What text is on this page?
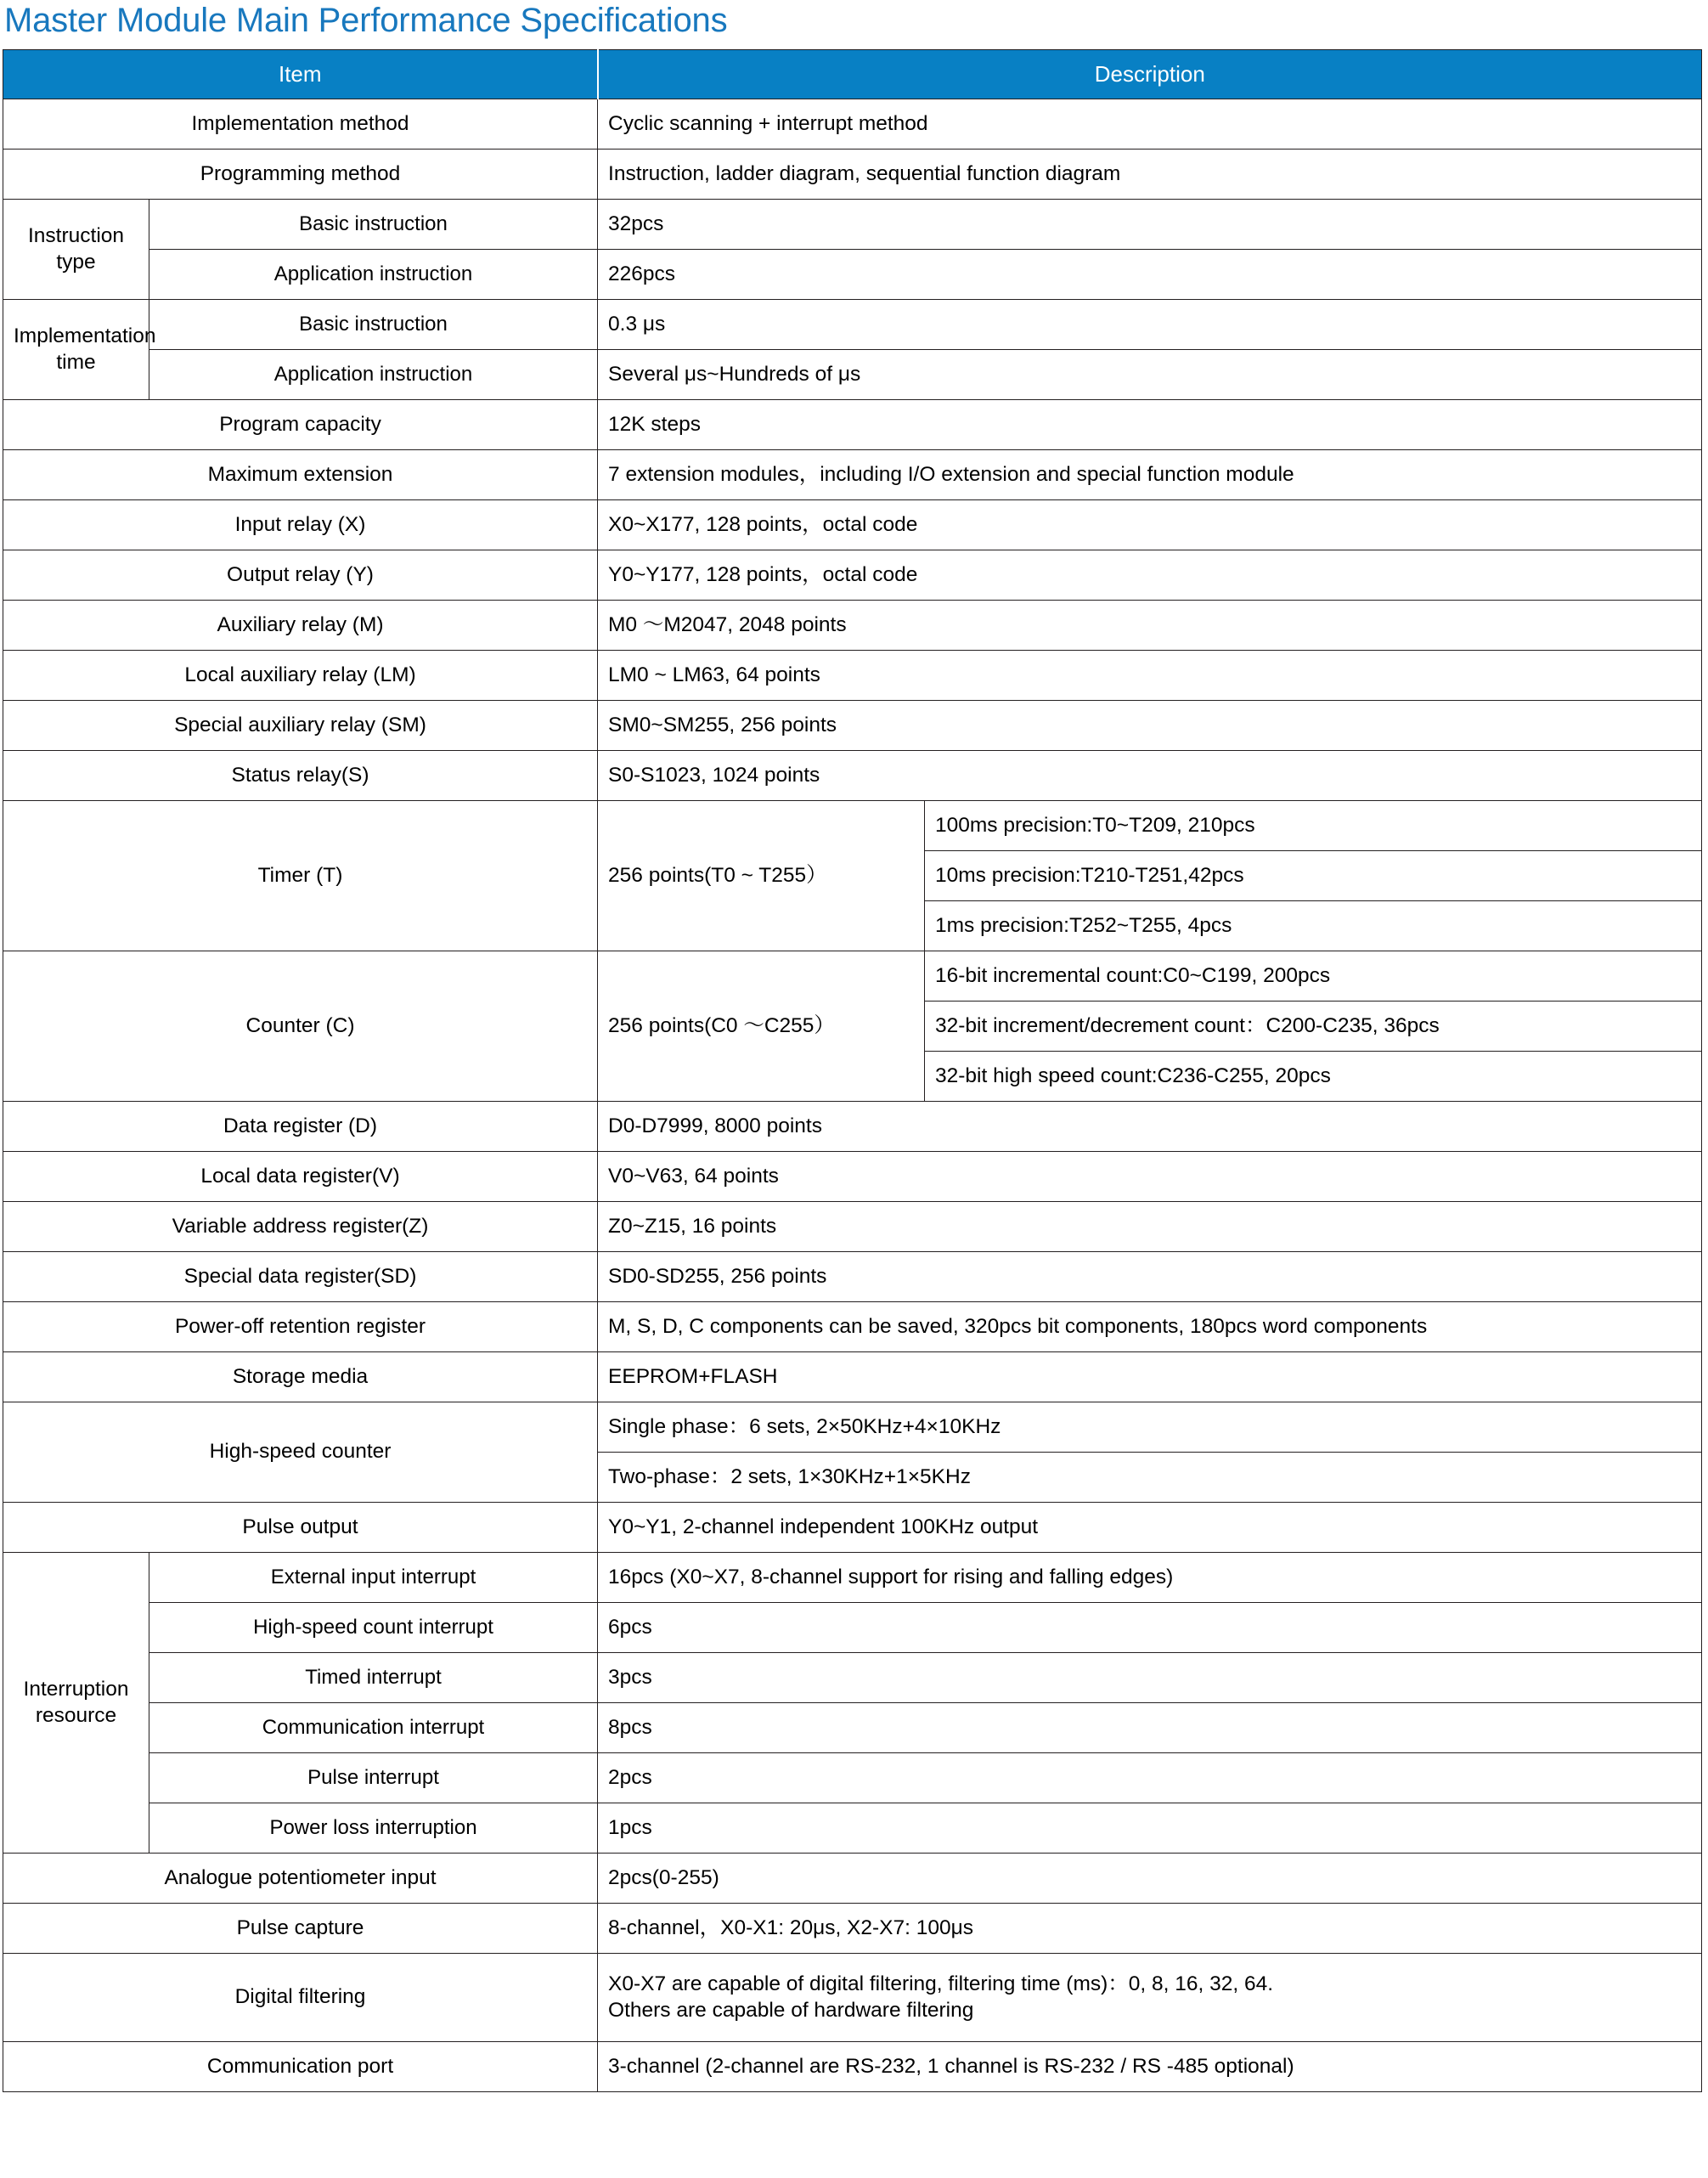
Master Module Main Performance Specifications
Item		Description	
Implementation method		Cyclic scanning + interrupt method	
Programming method		Instruction, ladder diagram, sequential function diagram	
Instruction type	Basic instruction	32pcs	
	Application instruction	226pcs	
Implementation time	Basic instruction	0.3 μs	
	Application instruction	Several μs~Hundreds of μs	
Program capacity		12K steps	
Maximum extension		7 extension modules，including I/O extension and special function module	
Input relay (X)		X0~X177, 128 points，octal code	
Output relay (Y)		Y0~Y177, 128 points，octal code	
Auxiliary relay (M)		M0 ～M2047, 2048 points	
Local auxiliary relay (LM)		LM0 ~ LM63, 64 points	
Special auxiliary relay (SM)		SM0~SM255, 256 points	
Status relay(S)		S0-S1023, 1024 points	
Timer (T)		256 points(T0 ~ T255）	100ms precision:T0~T209, 210pcs
			10ms precision:T210-T251,42pcs
			1ms precision:T252~T255, 4pcs
Counter (C)		256 points(C0 ～C255）	16-bit incremental count:C0~C199, 200pcs
			32-bit increment/decrement count：C200-C235, 36pcs
			32-bit high speed count:C236-C255, 20pcs
Data register (D)		D0-D7999, 8000 points	
Local data register(V)		V0~V63, 64 points	
Variable address register(Z)		Z0~Z15, 16 points	
Special data register(SD)		SD0-SD255, 256 points	
Power-off retention register		M, S, D, C components can be saved, 320pcs bit components, 180pcs word components	
Storage media		EEPROM+FLASH	
High-speed counter		Single phase：6 sets, 2×50KHz+4×10KHz	
		Two-phase：2 sets, 1×30KHz+1×5KHz	
Pulse output		Y0~Y1, 2-channel independent 100KHz output	
Interruption resource	External input interrupt	16pcs (X0~X7, 8-channel support for rising and falling edges)	
	High-speed count interrupt	6pcs	
	Timed interrupt	3pcs	
	Communication interrupt	8pcs	
	Pulse interrupt	2pcs	
	Power loss interruption	1pcs	
Analogue potentiometer input		2pcs(0-255)	
Pulse capture		8-channel，X0-X1: 20μs, X2-X7: 100μs	
Digital filtering		X0-X7 are capable of digital filtering, filtering time (ms)：0, 8, 16, 32, 64.
Others are capable of hardware filtering	

Communication port		3-channel (2-channel are RS-232, 1 channel is RS-232 / RS -485 optional)	
